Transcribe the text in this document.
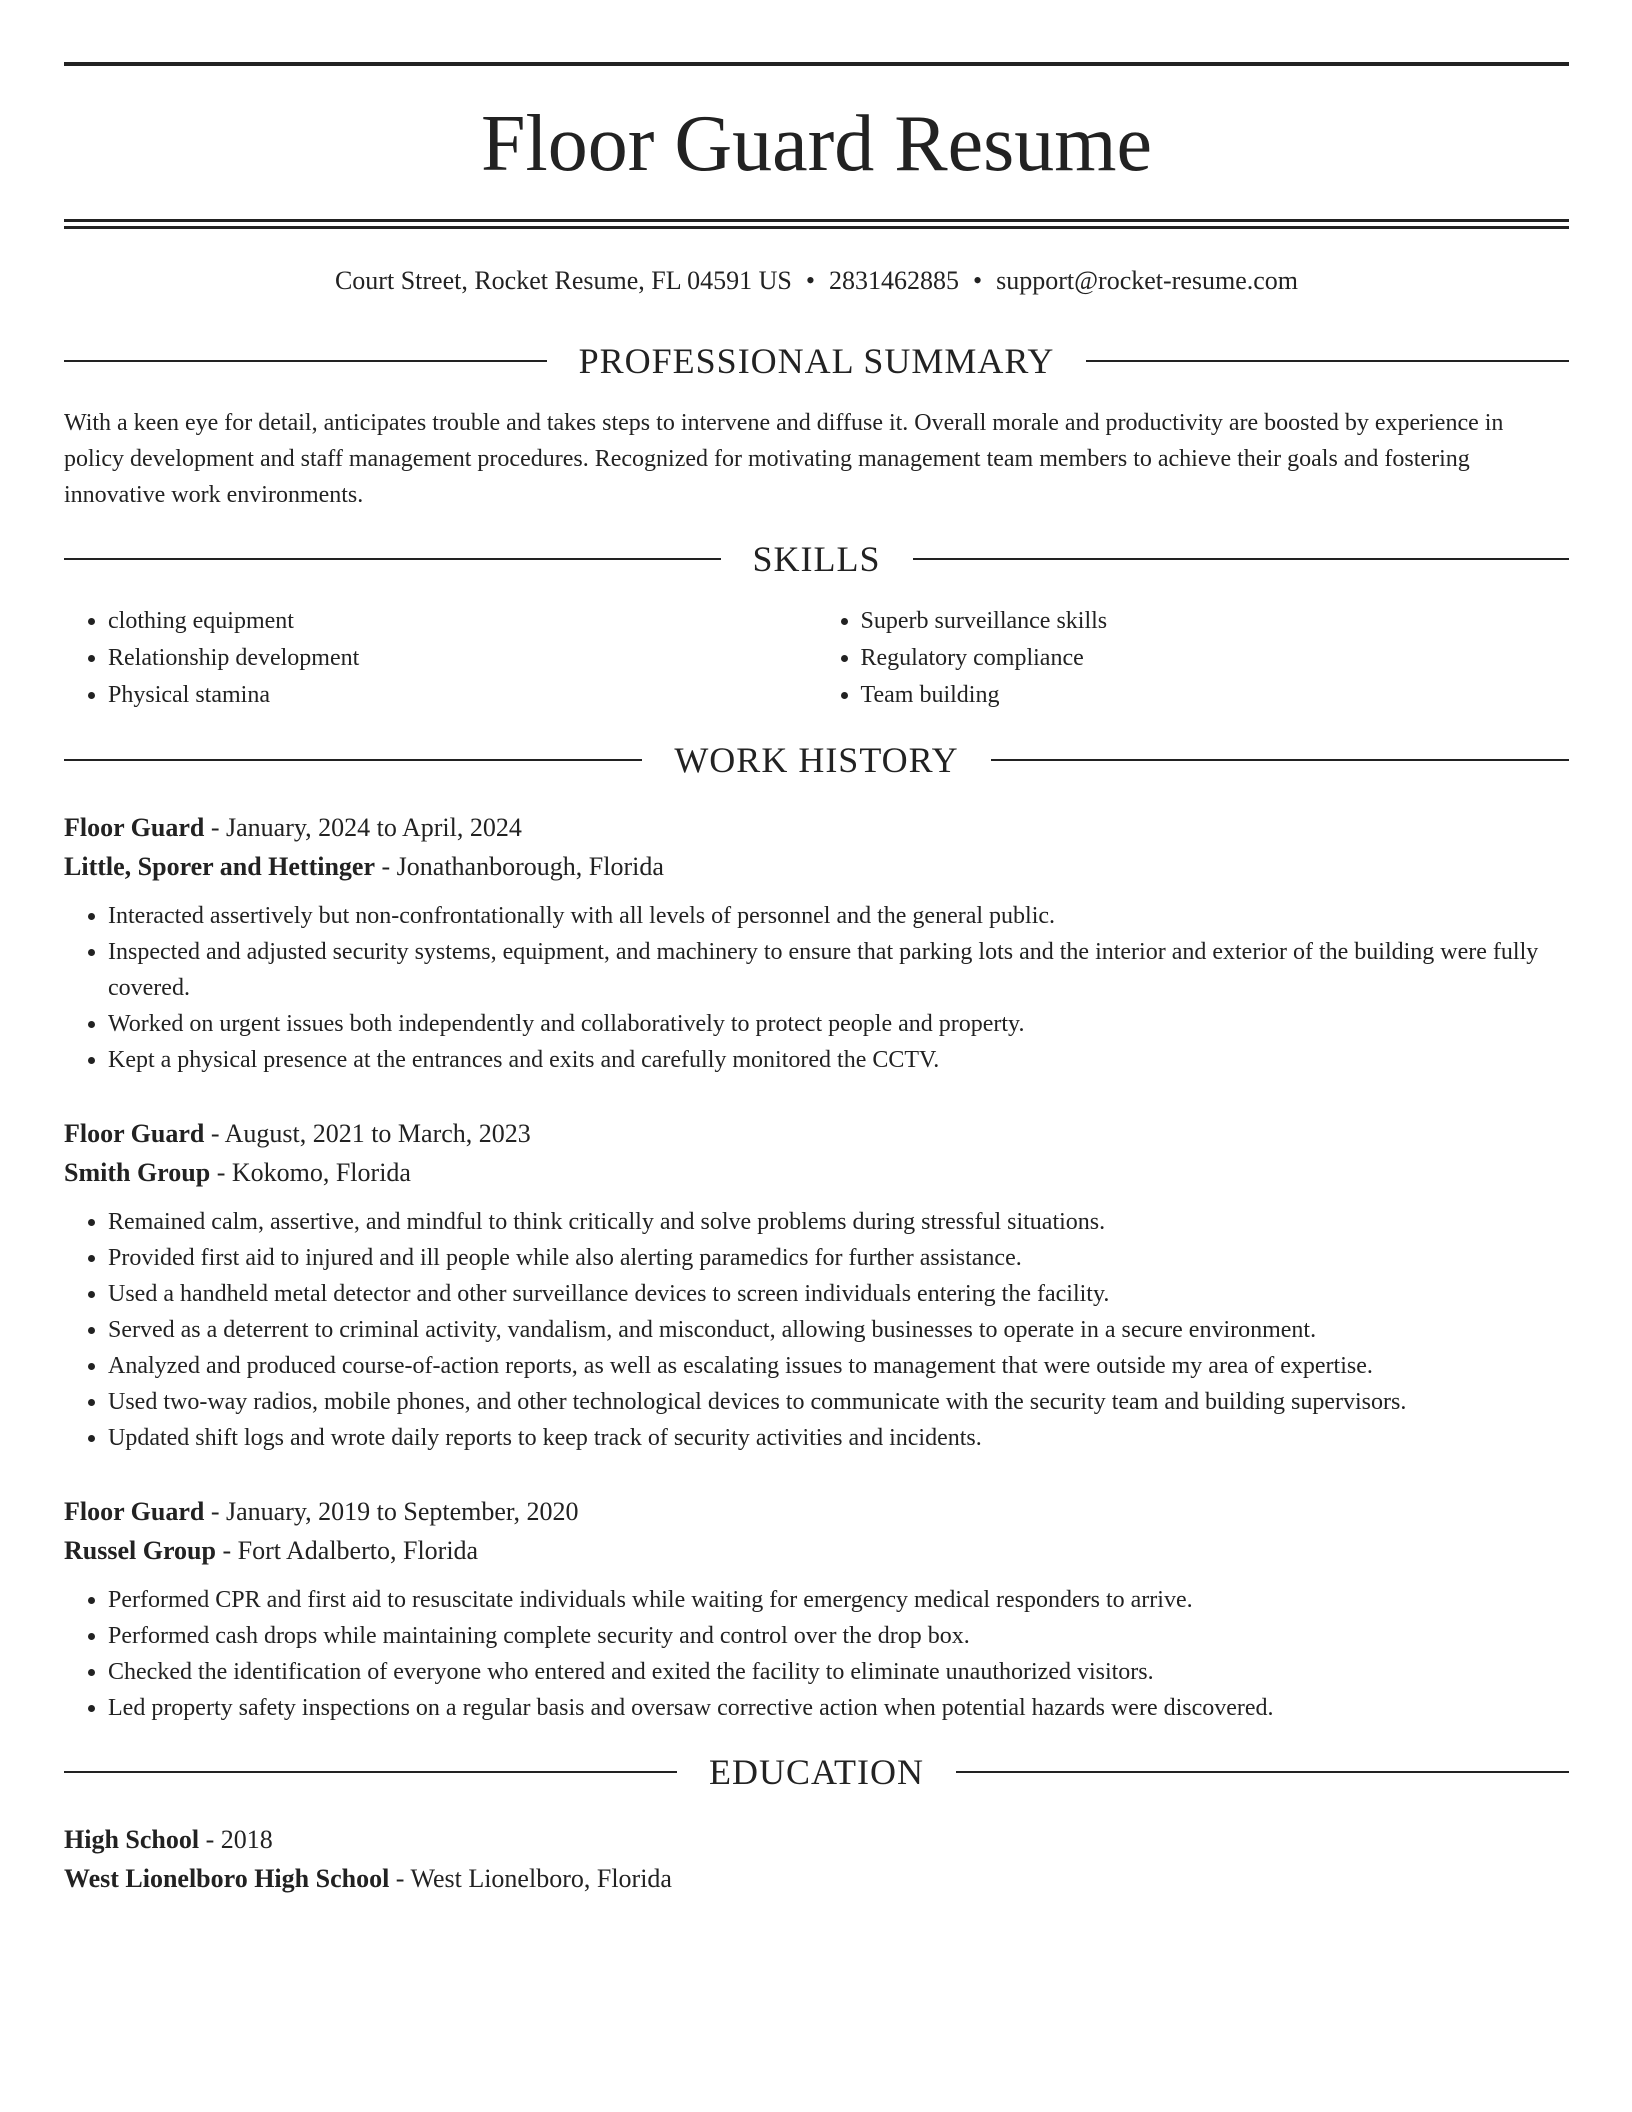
Floor Guard Resume
Court Street, Rocket Resume, FL 04591 US • 2831462885 • support@rocket-resume.com
PROFESSIONAL SUMMARY

With a keen eye for detail, anticipates trouble and takes steps to intervene and diffuse it. Overall morale and productivity are boosted by experience in policy development and staff management procedures. Recognized for motivating management team members to achieve their goals and fostering innovative work environments.

SKILLS
• clothing equipment
• Relationship development
• Physical stamina
• Superb surveillance skills
• Regulatory compliance
• Team building
WORK HISTORY
Floor Guard - January, 2024 to April, 2024
Little, Sporer and Hettinger - Jonathanborough, Florida
• Interacted assertively but non-confrontationally with all levels of personnel and the general public.
• Inspected and adjusted security systems, equipment, and machinery to ensure that parking lots and the interior and exterior of the building were fully covered.
• Worked on urgent issues both independently and collaboratively to protect people and property.
• Kept a physical presence at the entrances and exits and carefully monitored the CCTV.
Floor Guard - August, 2021 to March, 2023
Smith Group - Kokomo, Florida
• Remained calm, assertive, and mindful to think critically and solve problems during stressful situations.
• Provided first aid to injured and ill people while also alerting paramedics for further assistance.
• Used a handheld metal detector and other surveillance devices to screen individuals entering the facility.
• Served as a deterrent to criminal activity, vandalism, and misconduct, allowing businesses to operate in a secure environment.
• Analyzed and produced course-of-action reports, as well as escalating issues to management that were outside my area of expertise.
• Used two-way radios, mobile phones, and other technological devices to communicate with the security team and building supervisors.
• Updated shift logs and wrote daily reports to keep track of security activities and incidents.
Floor Guard - January, 2019 to September, 2020
Russel Group - Fort Adalberto, Florida
• Performed CPR and first aid to resuscitate individuals while waiting for emergency medical responders to arrive.
• Performed cash drops while maintaining complete security and control over the drop box.
• Checked the identification of everyone who entered and exited the facility to eliminate unauthorized visitors.
• Led property safety inspections on a regular basis and oversaw corrective action when potential hazards were discovered.
EDUCATION
High School - 2018
West Lionelboro High School - West Lionelboro, Florida
